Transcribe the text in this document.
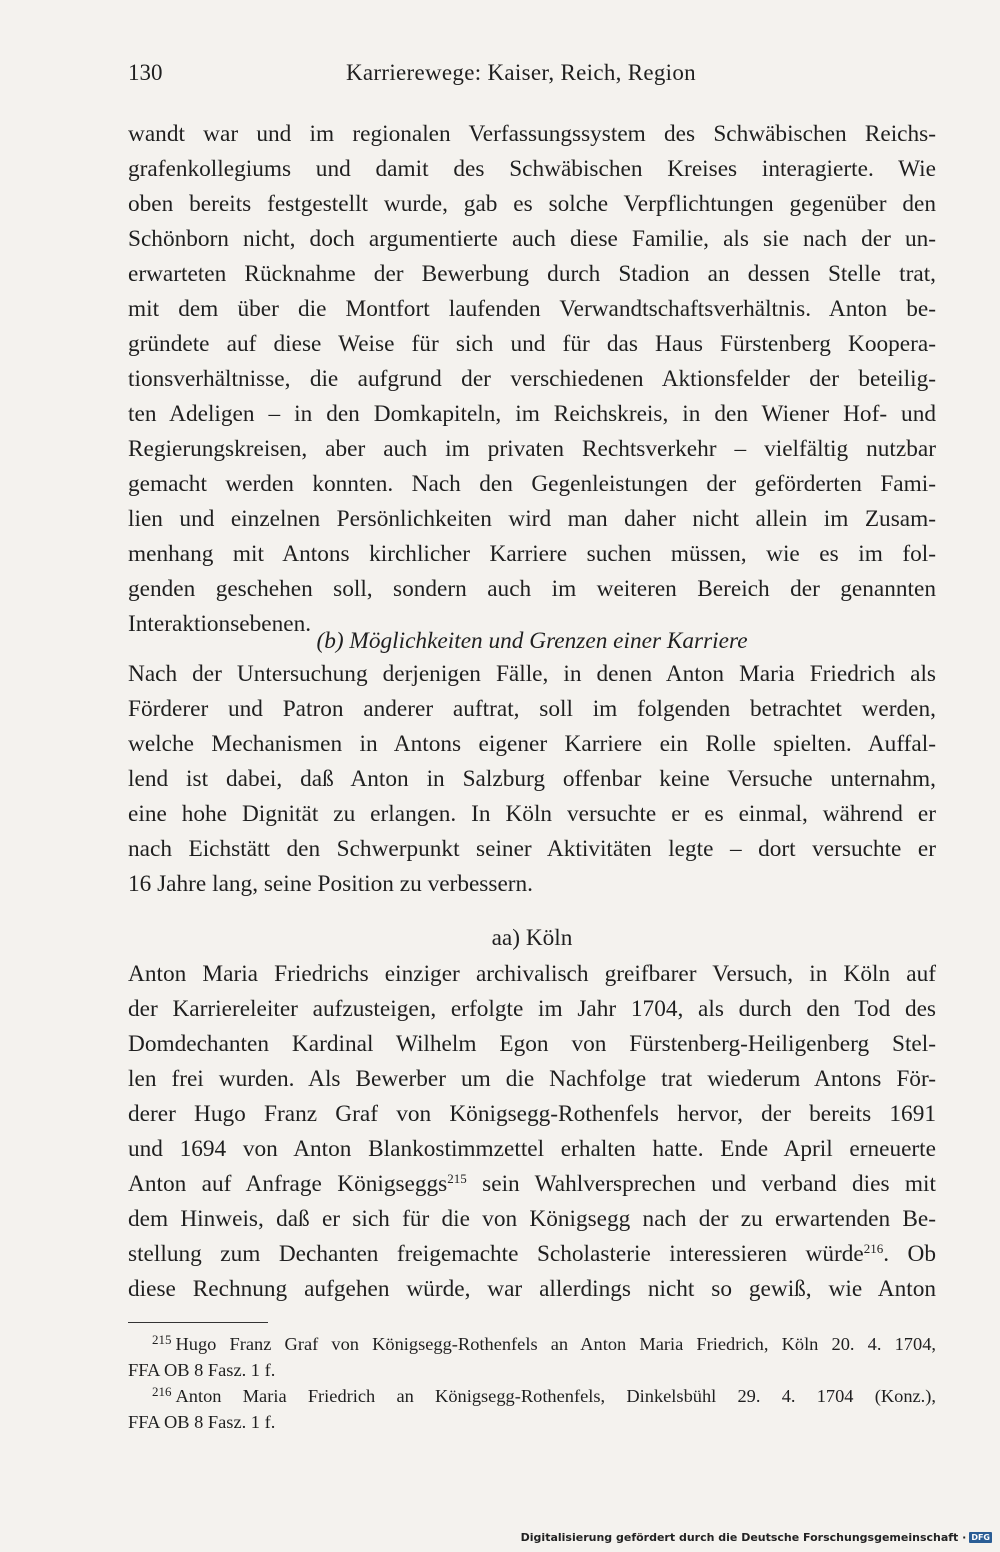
130	Karrierewege: Kaiser, Reich, Region
wandt war und im regionalen Verfassungssystem des Schwäbischen Reichs-
grafenkollegiums und damit des Schwäbischen Kreises interagierte. Wie
oben bereits festgestellt wurde, gab es solche Verpflichtungen gegenüber den
Schönborn nicht, doch argumentierte auch diese Familie, als sie nach der un-
erwarteten Rücknahme der Bewerbung durch Stadion an dessen Stelle trat,
mit dem über die Montfort laufenden Verwandtschaftsverhältnis. Anton be-
gründete auf diese Weise für sich und für das Haus Fürstenberg Koopera-
tionsverhältnisse, die aufgrund der verschiedenen Aktionsfelder der beteilig-
ten Adeligen – in den Domkapiteln, im Reichskreis, in den Wiener Hof- und
Regierungskreisen, aber auch im privaten Rechtsverkehr – vielfältig nutzbar
gemacht werden konnten. Nach den Gegenleistungen der geförderten Fami-
lien und einzelnen Persönlichkeiten wird man daher nicht allein im Zusam-
menhang mit Antons kirchlicher Karriere suchen müssen, wie es im fol-
genden geschehen soll, sondern auch im weiteren Bereich der genannten
Interaktionsebenen.
(b) Möglichkeiten und Grenzen einer Karriere
Nach der Untersuchung derjenigen Fälle, in denen Anton Maria Friedrich als
Förderer und Patron anderer auftrat, soll im folgenden betrachtet werden,
welche Mechanismen in Antons eigener Karriere ein Rolle spielten. Auffal-
lend ist dabei, daß Anton in Salzburg offenbar keine Versuche unternahm,
eine hohe Dignität zu erlangen. In Köln versuchte er es einmal, während er
nach Eichstätt den Schwerpunkt seiner Aktivitäten legte – dort versuchte er
16 Jahre lang, seine Position zu verbessern.
aa) Köln
Anton Maria Friedrichs einziger archivalisch greifbarer Versuch, in Köln auf
der Karriereleiter aufzusteigen, erfolgte im Jahr 1704, als durch den Tod des
Domdechanten Kardinal Wilhelm Egon von Fürstenberg-Heiligenberg Stel-
len frei wurden. Als Bewerber um die Nachfolge trat wiederum Antons För-
derer Hugo Franz Graf von Königsegg-Rothenfels hervor, der bereits 1691
und 1694 von Anton Blankostimmzettel erhalten hatte. Ende April erneuerte
Anton auf Anfrage Königseggs$^{215}$ sein Wahlversprechen und verband dies mit
dem Hinweis, daß er sich für die von Königsegg nach der zu erwartenden Be-
stellung zum Dechanten freigemachte Scholasterie interessieren würde$^{216}$. Ob
diese Rechnung aufgehen würde, war allerdings nicht so gewiß, wie Anton
$^{215}$ Hugo Franz Graf von Königsegg-Rothenfels an Anton Maria Friedrich, Köln 20. 4. 1704,
FFA OB 8 Fasz. 1 f.
$^{216}$ Anton Maria Friedrich an Königsegg-Rothenfels, Dinkelsbühl 29. 4. 1704 (Konz.),
FFA OB 8 Fasz. 1 f.
Digitalisierung gefördert durch die Deutsche Forschungsgemeinschaft · DFG
